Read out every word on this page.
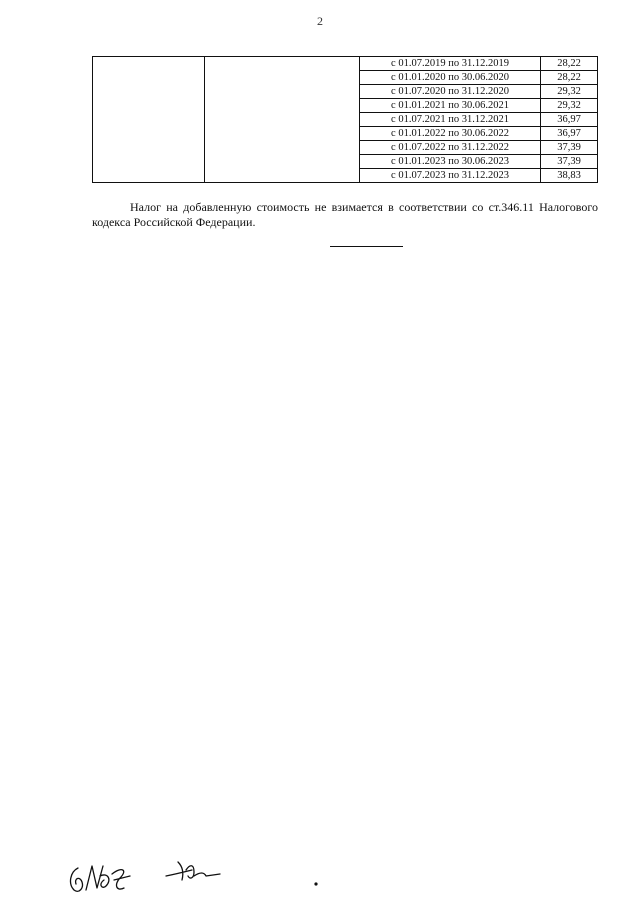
2
		с 01.07.2019 по 31.12.2019	28,22
		с 01.01.2020 по 30.06.2020	28,22
		с 01.07.2020 по 31.12.2020	29,32
		с 01.01.2021 по 30.06.2021	29,32
		с 01.07.2021 по 31.12.2021	36,97
		с 01.01.2022 по 30.06.2022	36,97
		с 01.07.2022 по 31.12.2022	37,39
		с 01.01.2023 по 30.06.2023	37,39
		с 01.07.2023 по 31.12.2023	38,83

Налог на добавленную стоимость не взимается в соответствии со ст.346.11 Налогового кодекса Российской Федерации.
